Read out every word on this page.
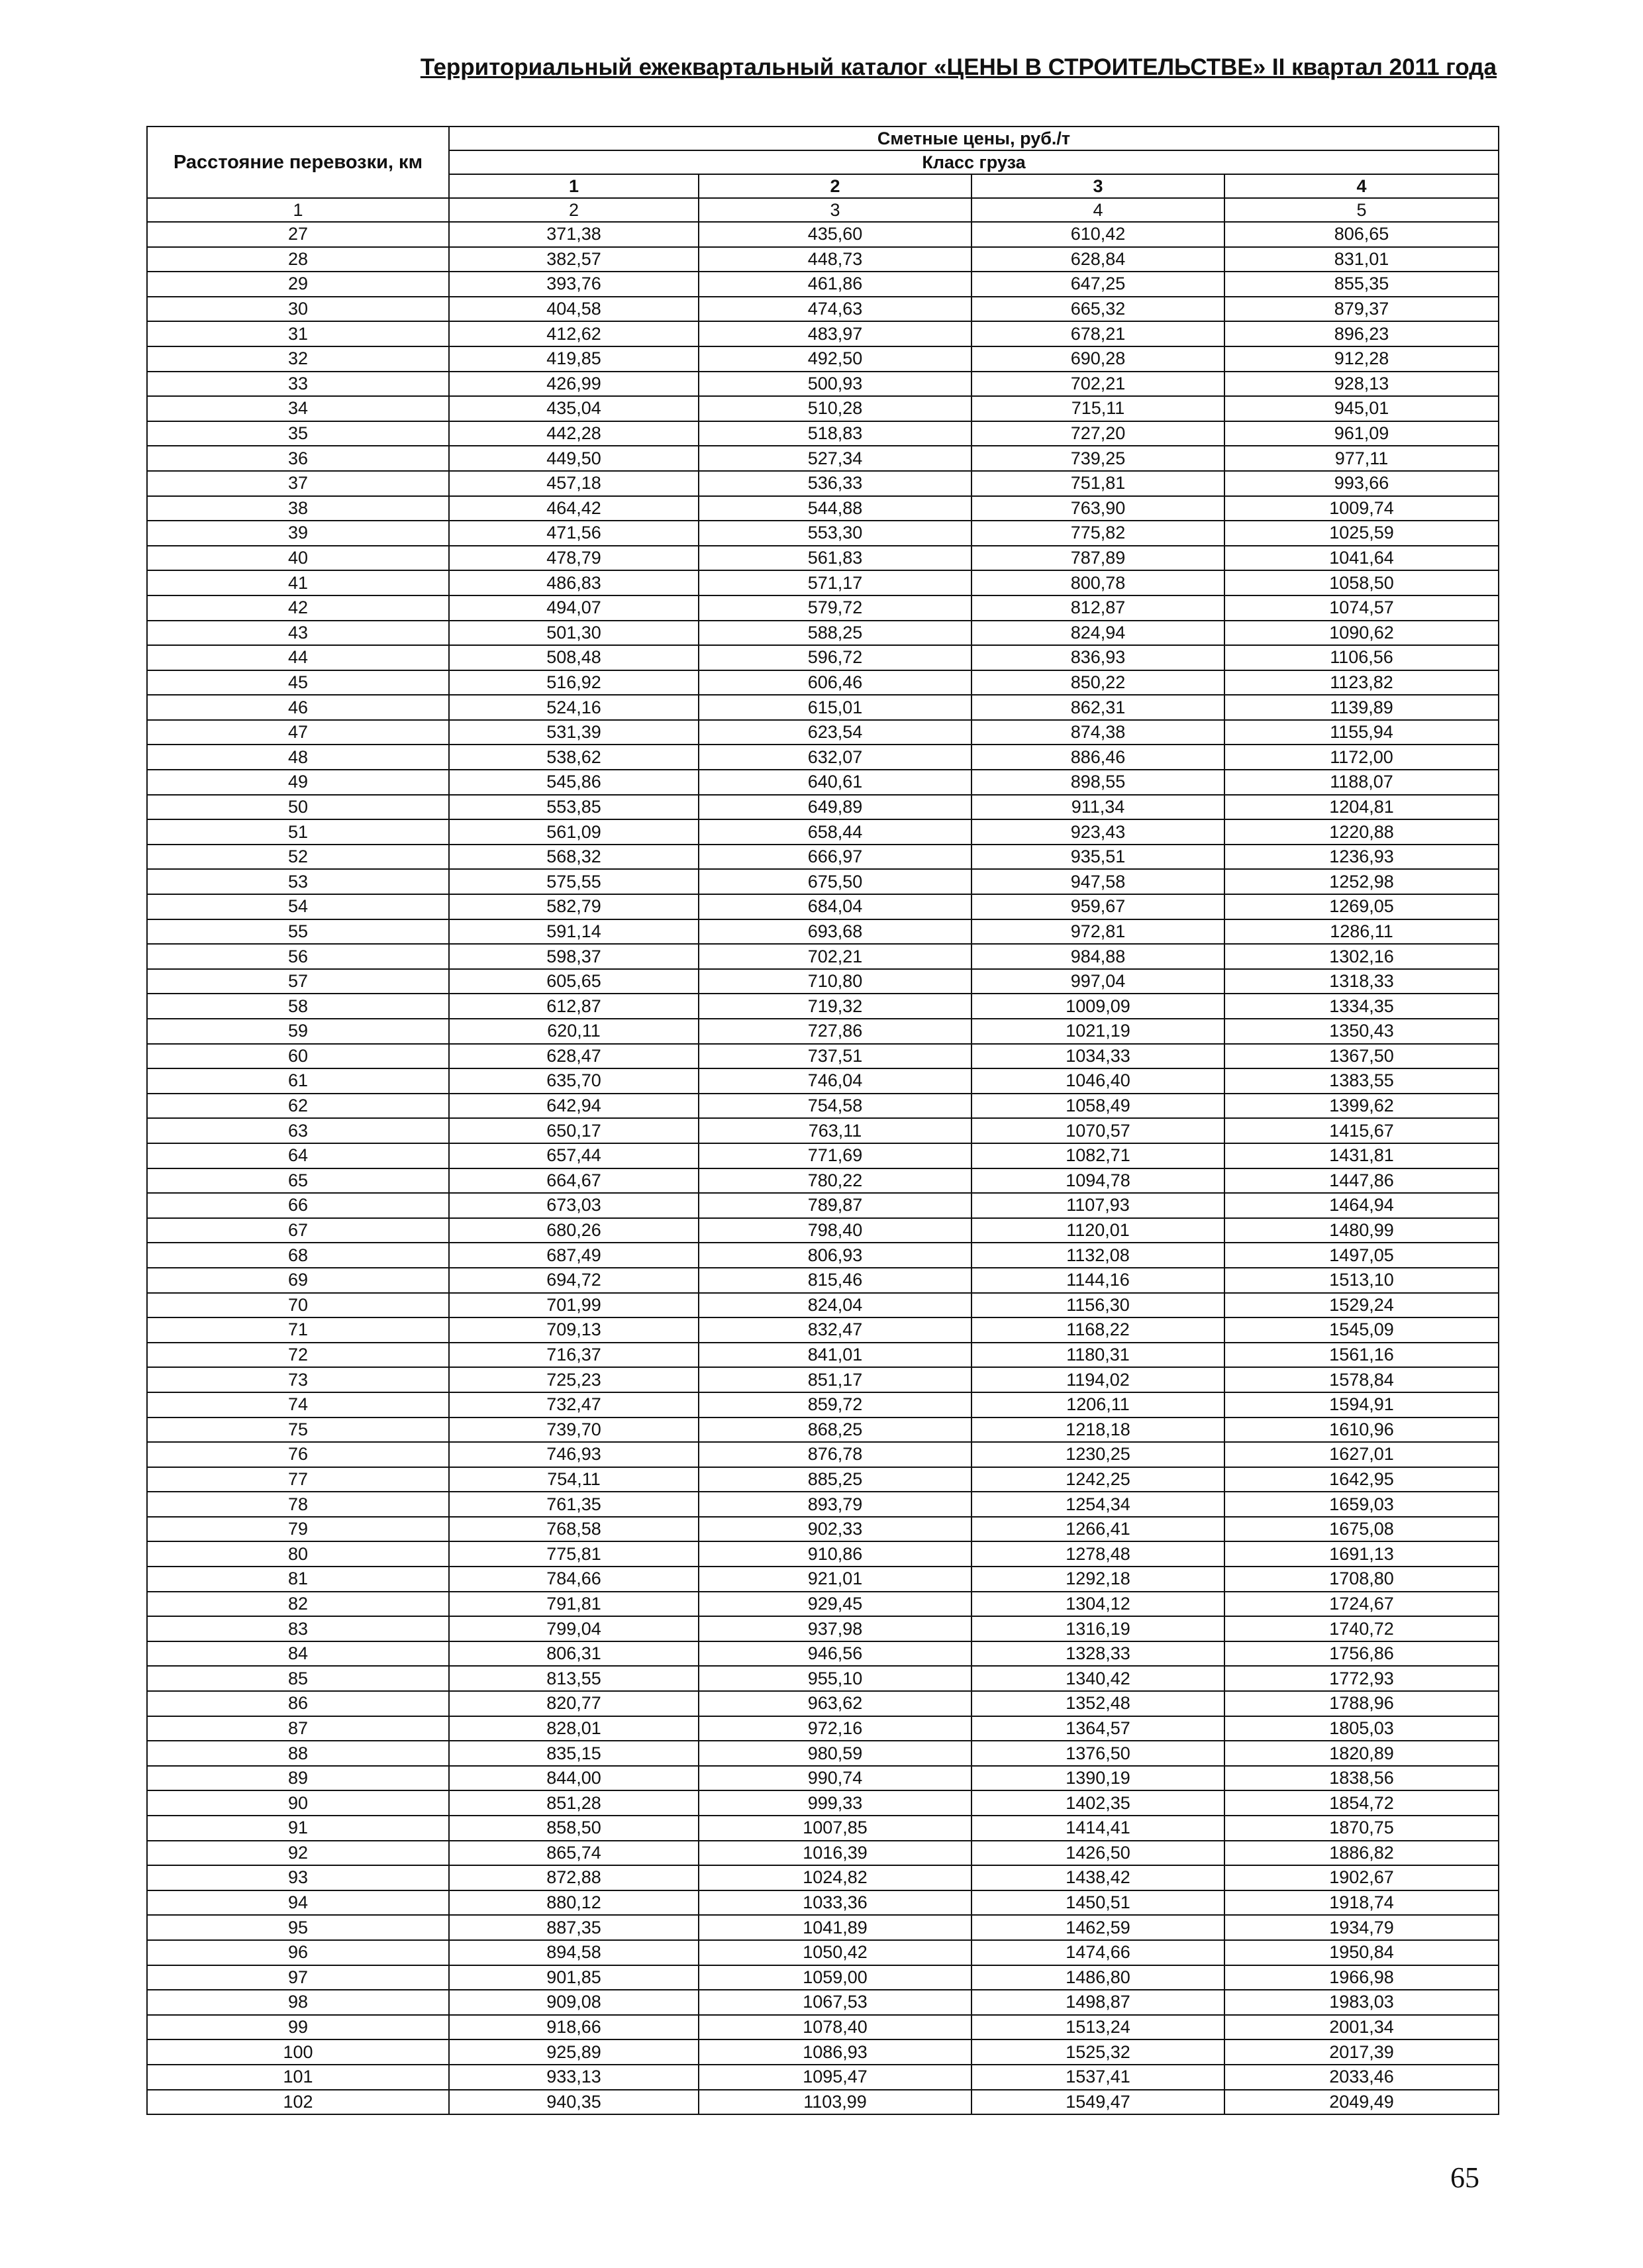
Территориальный ежеквартальный каталог «ЦЕНЫ В СТРОИТЕЛЬСТВЕ» II квартал 2011 года
Расстояние перевозки, км	Сметные цены, руб./т			
	Класс груза			
	1	2	3	4
1	2	3	4	5
27	371,38	435,60	610,42	806,65
28	382,57	448,73	628,84	831,01
29	393,76	461,86	647,25	855,35
30	404,58	474,63	665,32	879,37
31	412,62	483,97	678,21	896,23
32	419,85	492,50	690,28	912,28
33	426,99	500,93	702,21	928,13
34	435,04	510,28	715,11	945,01
35	442,28	518,83	727,20	961,09
36	449,50	527,34	739,25	977,11
37	457,18	536,33	751,81	993,66
38	464,42	544,88	763,90	1009,74
39	471,56	553,30	775,82	1025,59
40	478,79	561,83	787,89	1041,64
41	486,83	571,17	800,78	1058,50
42	494,07	579,72	812,87	1074,57
43	501,30	588,25	824,94	1090,62
44	508,48	596,72	836,93	1106,56
45	516,92	606,46	850,22	1123,82
46	524,16	615,01	862,31	1139,89
47	531,39	623,54	874,38	1155,94
48	538,62	632,07	886,46	1172,00
49	545,86	640,61	898,55	1188,07
50	553,85	649,89	911,34	1204,81
51	561,09	658,44	923,43	1220,88
52	568,32	666,97	935,51	1236,93
53	575,55	675,50	947,58	1252,98
54	582,79	684,04	959,67	1269,05
55	591,14	693,68	972,81	1286,11
56	598,37	702,21	984,88	1302,16
57	605,65	710,80	997,04	1318,33
58	612,87	719,32	1009,09	1334,35
59	620,11	727,86	1021,19	1350,43
60	628,47	737,51	1034,33	1367,50
61	635,70	746,04	1046,40	1383,55
62	642,94	754,58	1058,49	1399,62
63	650,17	763,11	1070,57	1415,67
64	657,44	771,69	1082,71	1431,81
65	664,67	780,22	1094,78	1447,86
66	673,03	789,87	1107,93	1464,94
67	680,26	798,40	1120,01	1480,99
68	687,49	806,93	1132,08	1497,05
69	694,72	815,46	1144,16	1513,10
70	701,99	824,04	1156,30	1529,24
71	709,13	832,47	1168,22	1545,09
72	716,37	841,01	1180,31	1561,16
73	725,23	851,17	1194,02	1578,84
74	732,47	859,72	1206,11	1594,91
75	739,70	868,25	1218,18	1610,96
76	746,93	876,78	1230,25	1627,01
77	754,11	885,25	1242,25	1642,95
78	761,35	893,79	1254,34	1659,03
79	768,58	902,33	1266,41	1675,08
80	775,81	910,86	1278,48	1691,13
81	784,66	921,01	1292,18	1708,80
82	791,81	929,45	1304,12	1724,67
83	799,04	937,98	1316,19	1740,72
84	806,31	946,56	1328,33	1756,86
85	813,55	955,10	1340,42	1772,93
86	820,77	963,62	1352,48	1788,96
87	828,01	972,16	1364,57	1805,03
88	835,15	980,59	1376,50	1820,89
89	844,00	990,74	1390,19	1838,56
90	851,28	999,33	1402,35	1854,72
91	858,50	1007,85	1414,41	1870,75
92	865,74	1016,39	1426,50	1886,82
93	872,88	1024,82	1438,42	1902,67
94	880,12	1033,36	1450,51	1918,74
95	887,35	1041,89	1462,59	1934,79
96	894,58	1050,42	1474,66	1950,84
97	901,85	1059,00	1486,80	1966,98
98	909,08	1067,53	1498,87	1983,03
99	918,66	1078,40	1513,24	2001,34
100	925,89	1086,93	1525,32	2017,39
101	933,13	1095,47	1537,41	2033,46
102	940,35	1103,99	1549,47	2049,49
65
